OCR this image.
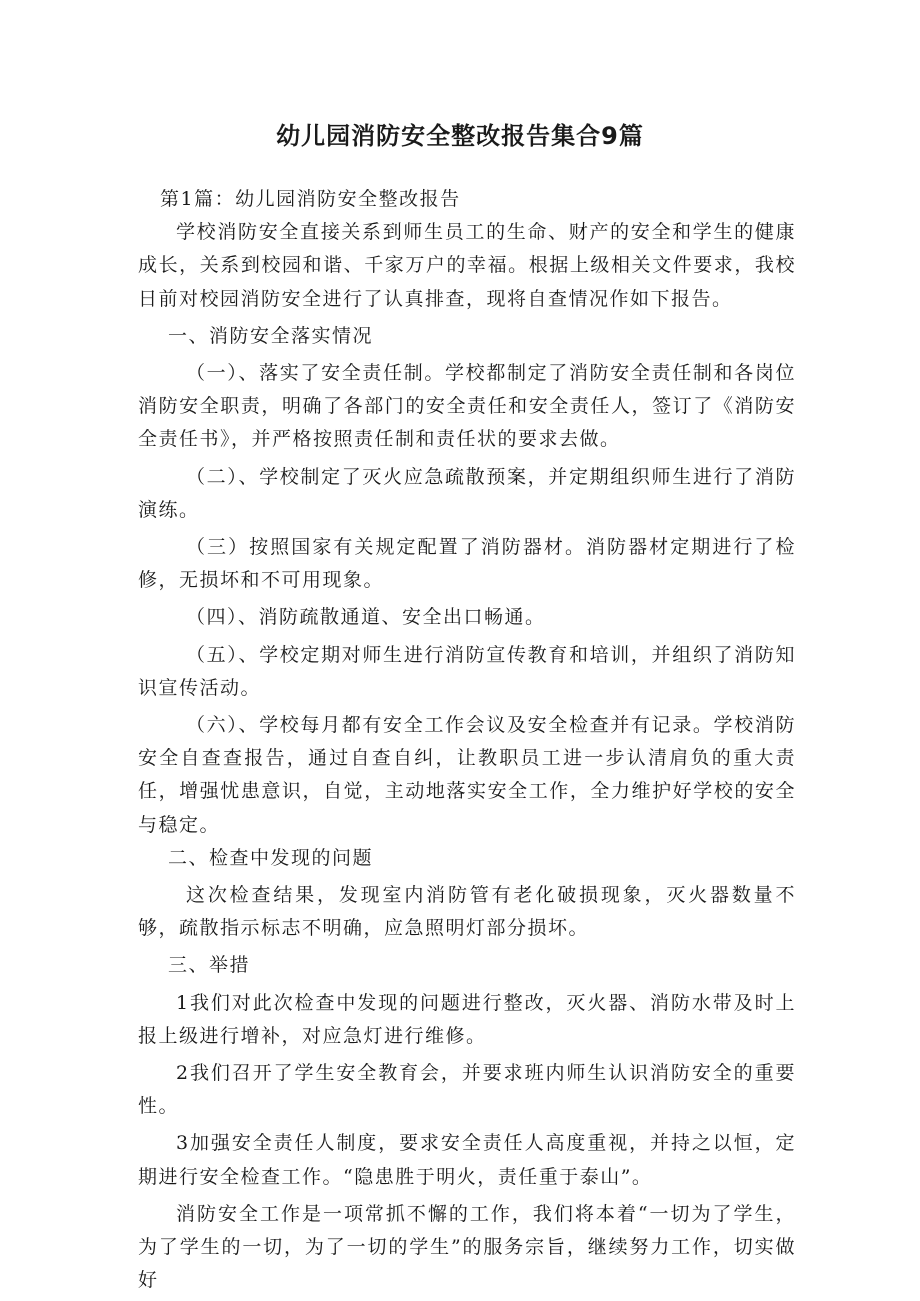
幼儿园消防安全整改报告集合9篇

第1篇：幼儿园消防安全整改报告

学校消防安全直接关系到师生员工的生命、财产的安全和学生的健康成长，关系到校园和谐、千家万户的幸福。根据上级相关文件要求，我校日前对校园消防安全进行了认真排查，现将自查情况作如下报告。

一、消防安全落实情况

（一）、落实了安全责任制。学校都制定了消防安全责任制和各岗位消防安全职责，明确了各部门的安全责任和安全责任人，签订了《消防安全责任书》，并严格按照责任制和责任状的要求去做。

（二）、学校制定了灭火应急疏散预案，并定期组织师生进行了消防演练。

（三）按照国家有关规定配置了消防器材。消防器材定期进行了检修，无损坏和不可用现象。

（四）、消防疏散通道、安全出口畅通。

（五）、学校定期对师生进行消防宣传教育和培训，并组织了消防知识宣传活动。

（六）、学校每月都有安全工作会议及安全检查并有记录。学校消防安全自查查报告，通过自查自纠，让教职员工进一步认清肩负的重大责任，增强忧患意识，自觉，主动地落实安全工作，全力维护好学校的安全与稳定。

二、检查中发现的问题

这次检查结果，发现室内消防管有老化破损现象，灭火器数量不够，疏散指示标志不明确，应急照明灯部分损坏。

三、举措

1我们对此次检查中发现的问题进行整改，灭火器、消防水带及时上报上级进行增补，对应急灯进行维修。

2我们召开了学生安全教育会，并要求班内师生认识消防安全的重要性。

3加强安全责任人制度，要求安全责任人高度重视，并持之以恒，定期进行安全检查工作。“隐患胜于明火，责任重于泰山”。

消防安全工作是一项常抓不懈的工作，我们将本着“一切为了学生，为了学生的一切，为了一切的学生”的服务宗旨，继续努力工作，切实做好
